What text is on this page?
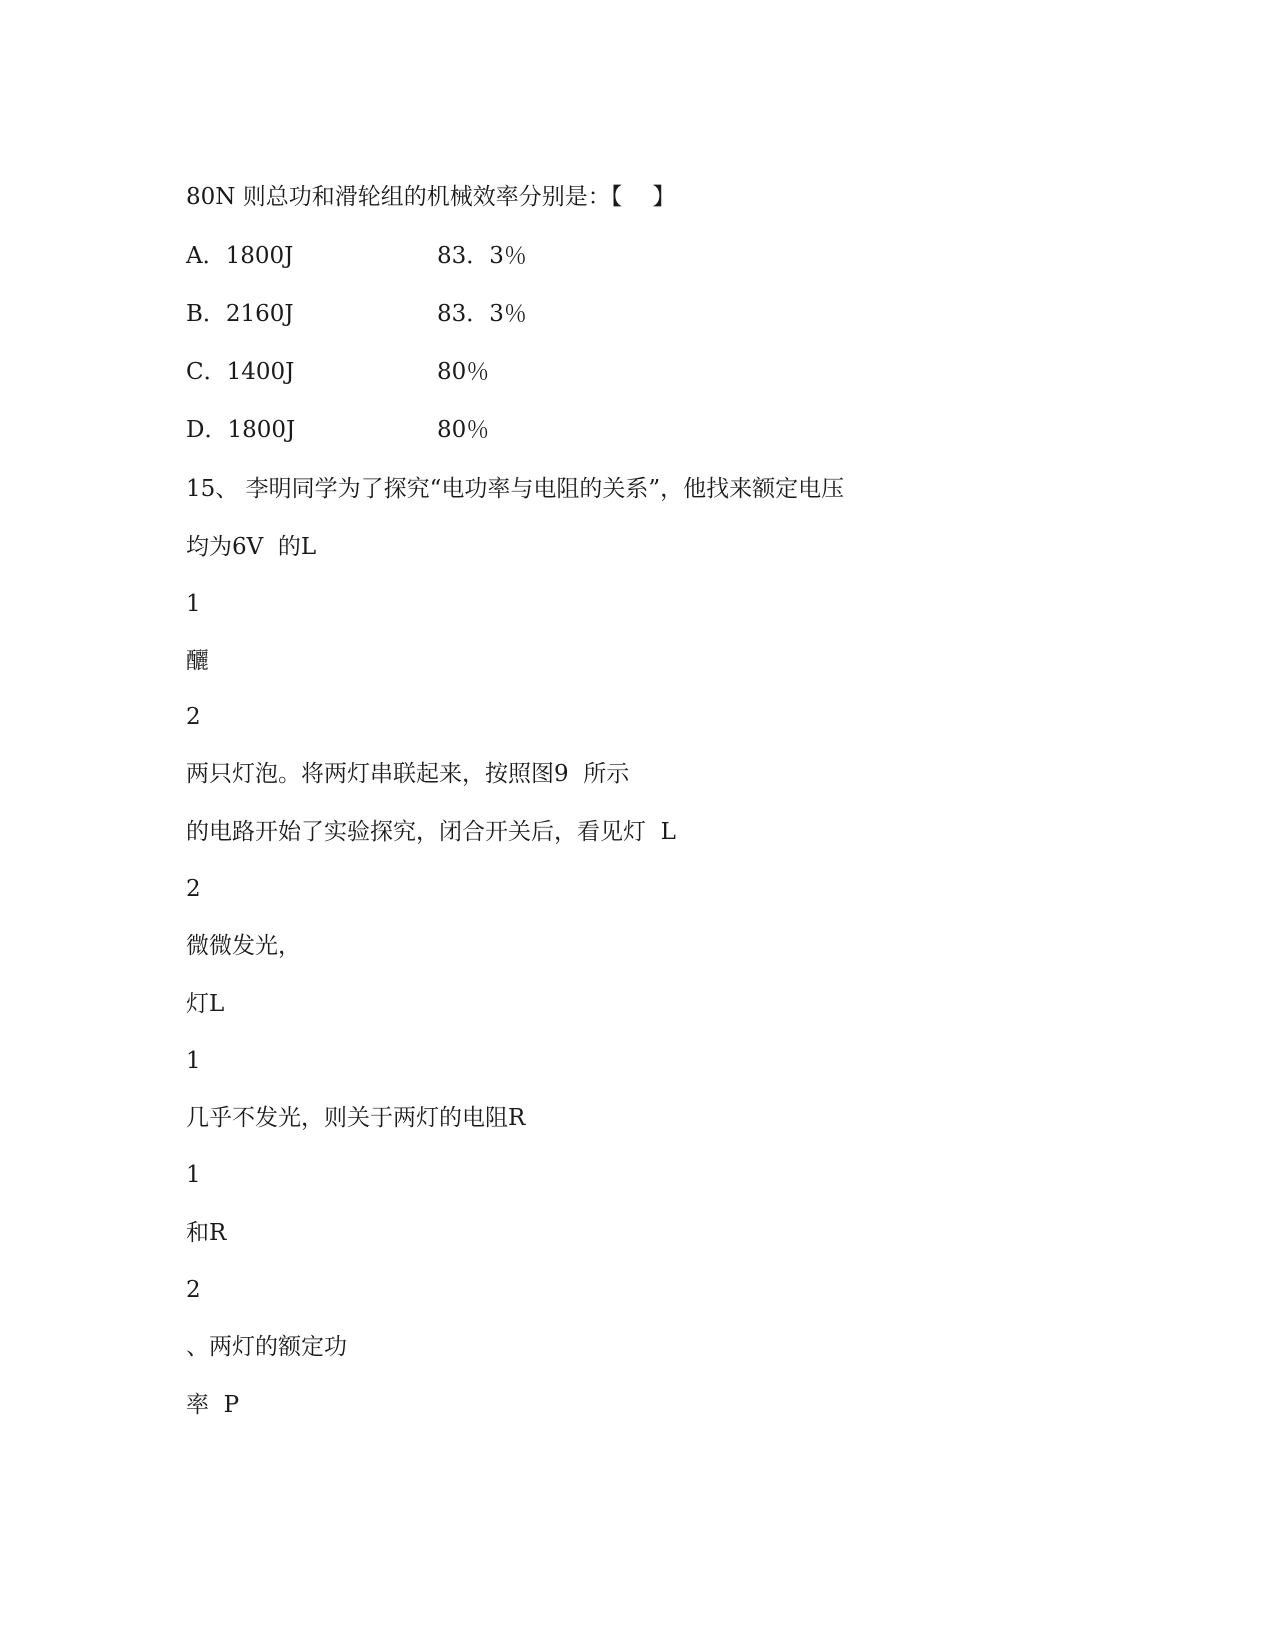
80N 则总功和滑轮组的机械效率分别是：【　 】
A．1800J	83．3％
B．2160J	83．3％
C．1400J	80％
D．1800J	80％
15、 李明同学为了探究“电功率与电阻的关系”，他找来额定电压
均为6V  的L
1
釃
2
两只灯泡。将两灯串联起来，按照图9  所示
的电路开始了实验探究，闭合开关后，看见灯  L
2
微微发光，
灯L
1
几乎不发光，则关于两灯的电阻R
1
和R
2
、两灯的额定功
率  P
